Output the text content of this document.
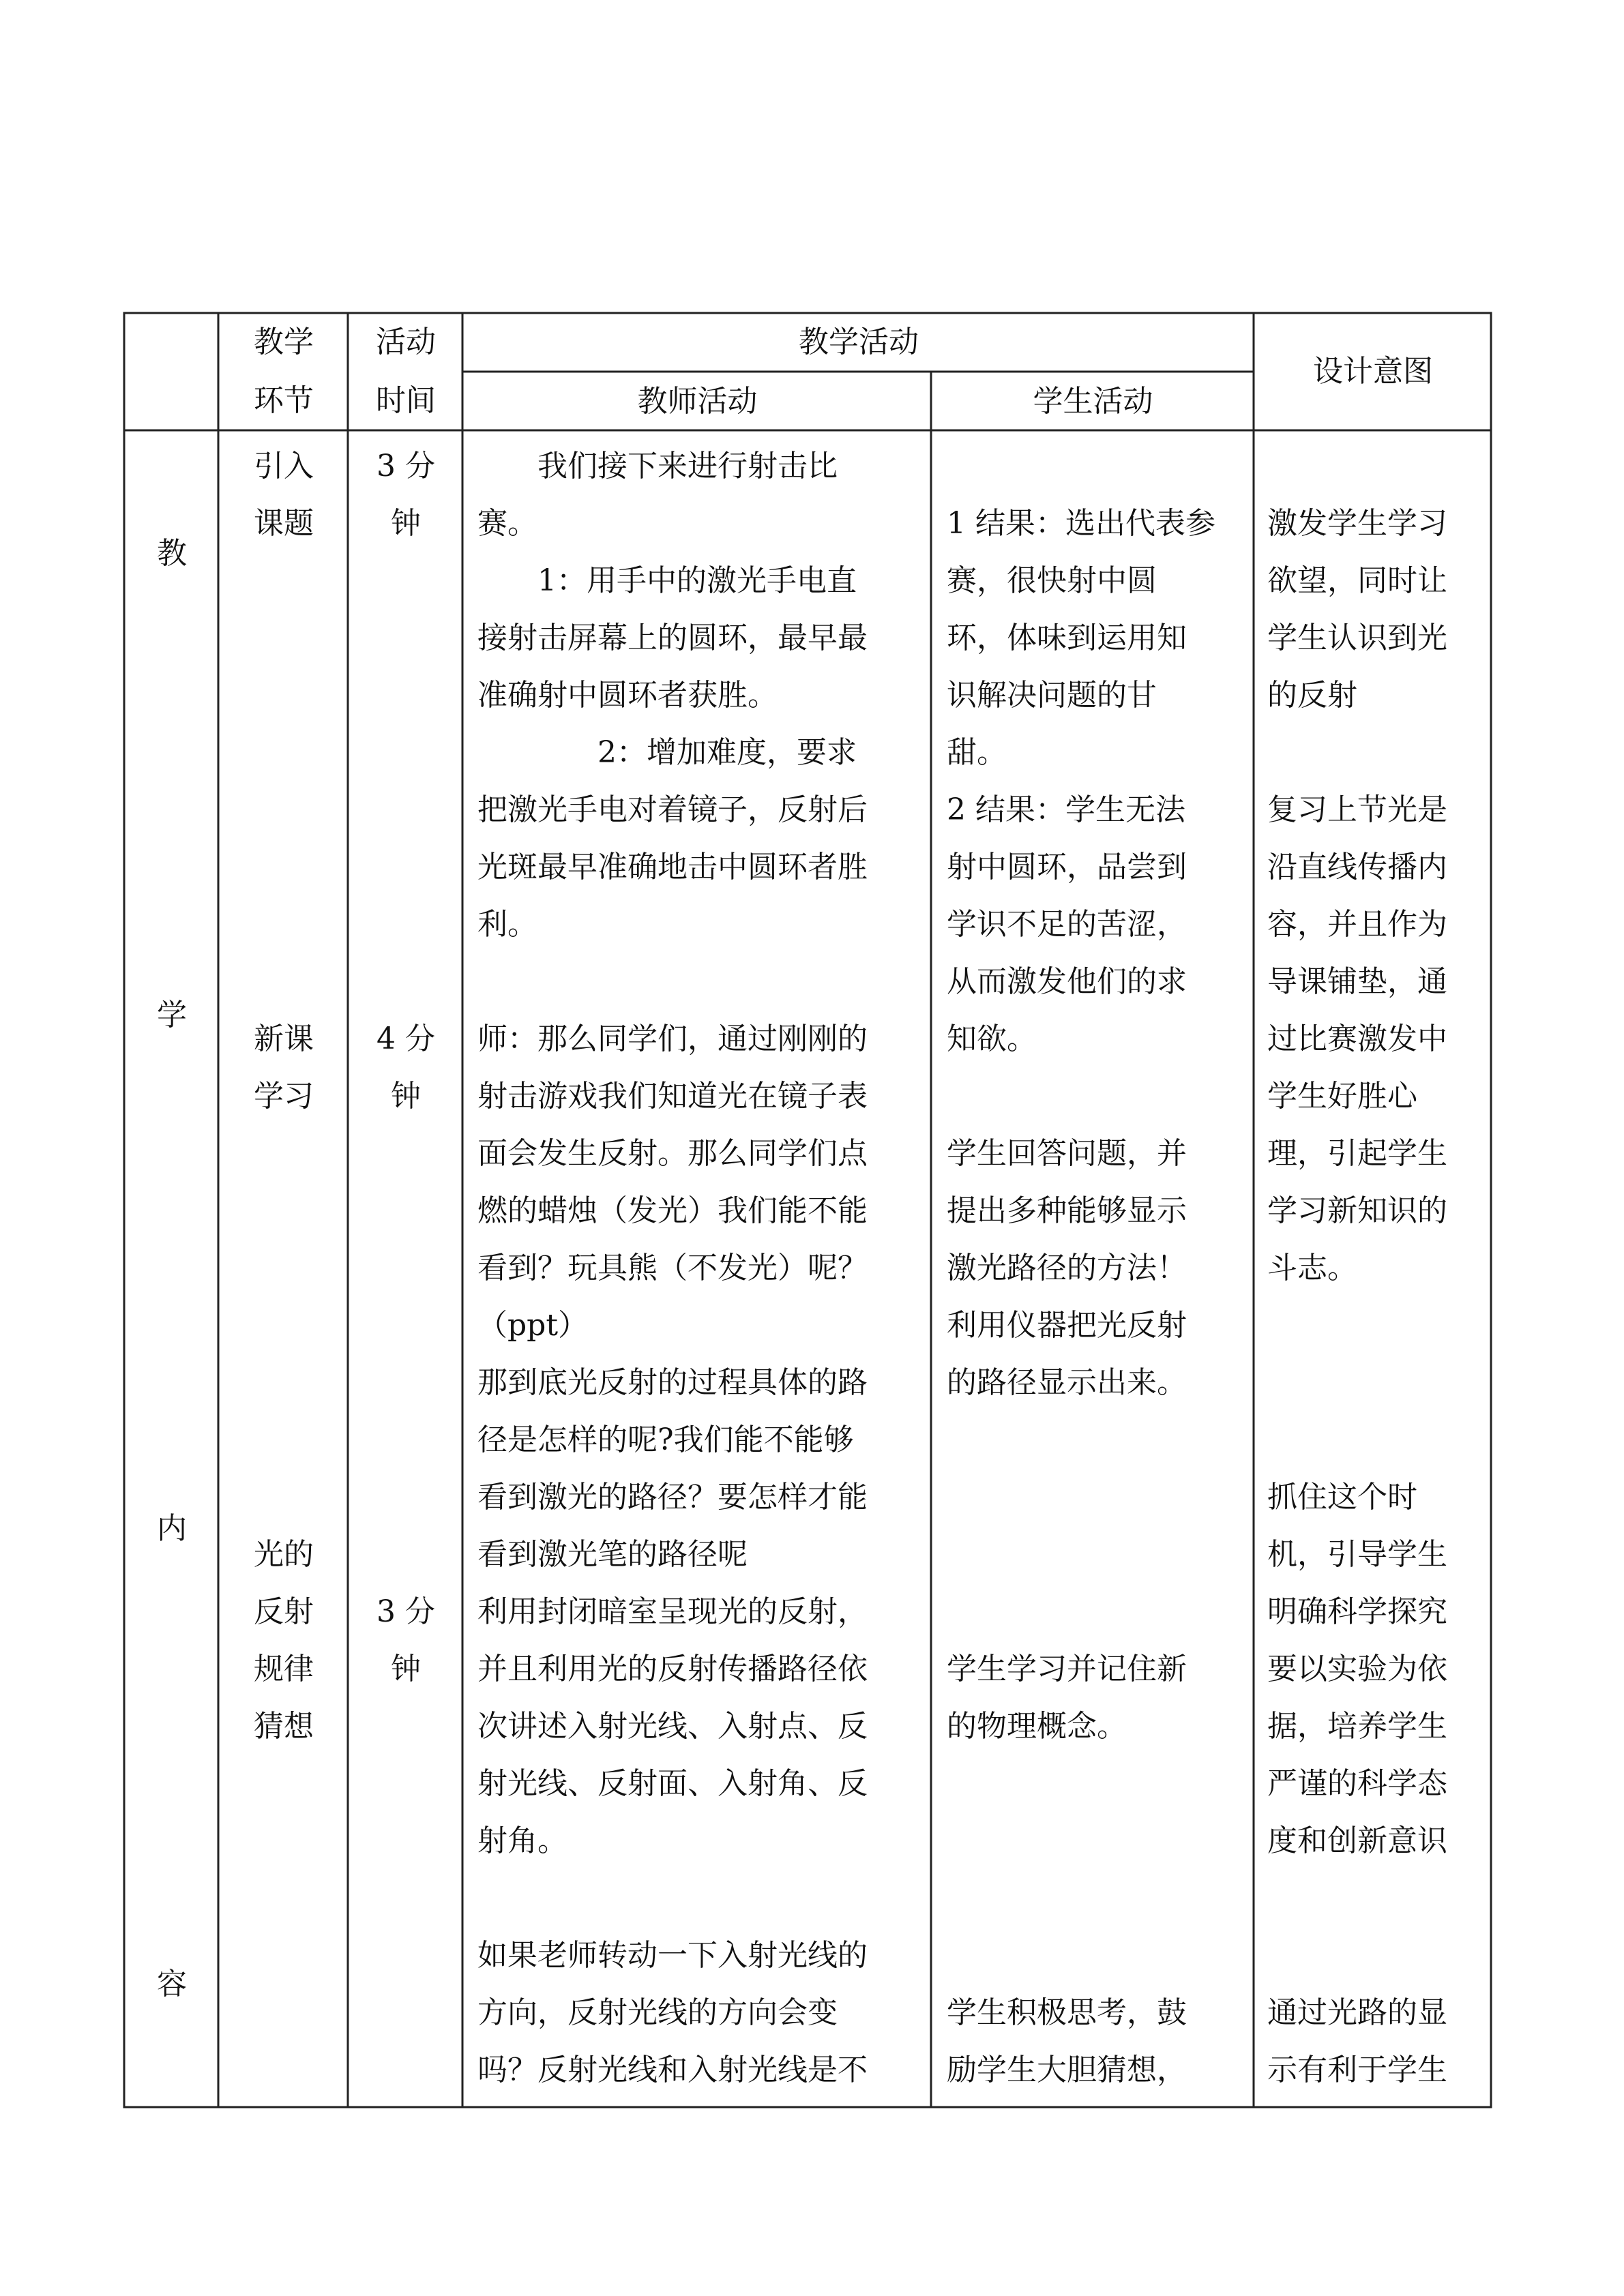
教学

环节

活动

时间

教学活动

教师活动	学生活动

设计意图

教

学

内

容

引入

课题

3 分

钟

新课

学习

4 分

钟

光的

反射

规律

猜想

3 分

钟

　　我们接下来进行射击比

赛。

　　1：用手中的激光手电直

接射击屏幕上的圆环，最早最

准确射中圆环者获胜。

　　　　2：增加难度，要求

把激光手电对着镜子，反射后

光斑最早准确地击中圆环者胜

利。

师：那么同学们，通过刚刚的

射击游戏我们知道光在镜子表

面会发生反射。那么同学们点

燃的蜡烛（发光）我们能不能

看到？玩具熊（不发光）呢？

（ppt）

那到底光反射的过程具体的路

径是怎样的呢?我们能不能够

看到激光的路径？要怎样才能

看到激光笔的路径呢

利用封闭暗室呈现光的反射，

并且利用光的反射传播路径依

次讲述入射光线、入射点、反

射光线、反射面、入射角、反

射角。

如果老师转动一下入射光线的

方向，反射光线的方向会变

吗？反射光线和入射光线是不

1 结果：选出代表参

赛，很快射中圆

环，体味到运用知

识解决问题的甘

甜。

2 结果：学生无法

射中圆环，品尝到

学识不足的苦涩，

从而激发他们的求

知欲。

学生回答问题，并

提出多种能够显示

激光路径的方法！

利用仪器把光反射

的路径显示出来。

学生学习并记住新

的物理概念。

学生积极思考，鼓

励学生大胆猜想，

激发学生学习

欲望，同时让

学生认识到光

的反射

复习上节光是

沿直线传播内

容，并且作为

导课铺垫，通

过比赛激发中

学生好胜心

理，引起学生

学习新知识的

斗志。

抓住这个时

机，引导学生

明确科学探究

要以实验为依

据，培养学生

严谨的科学态

度和创新意识

通过光路的显

示有利于学生
